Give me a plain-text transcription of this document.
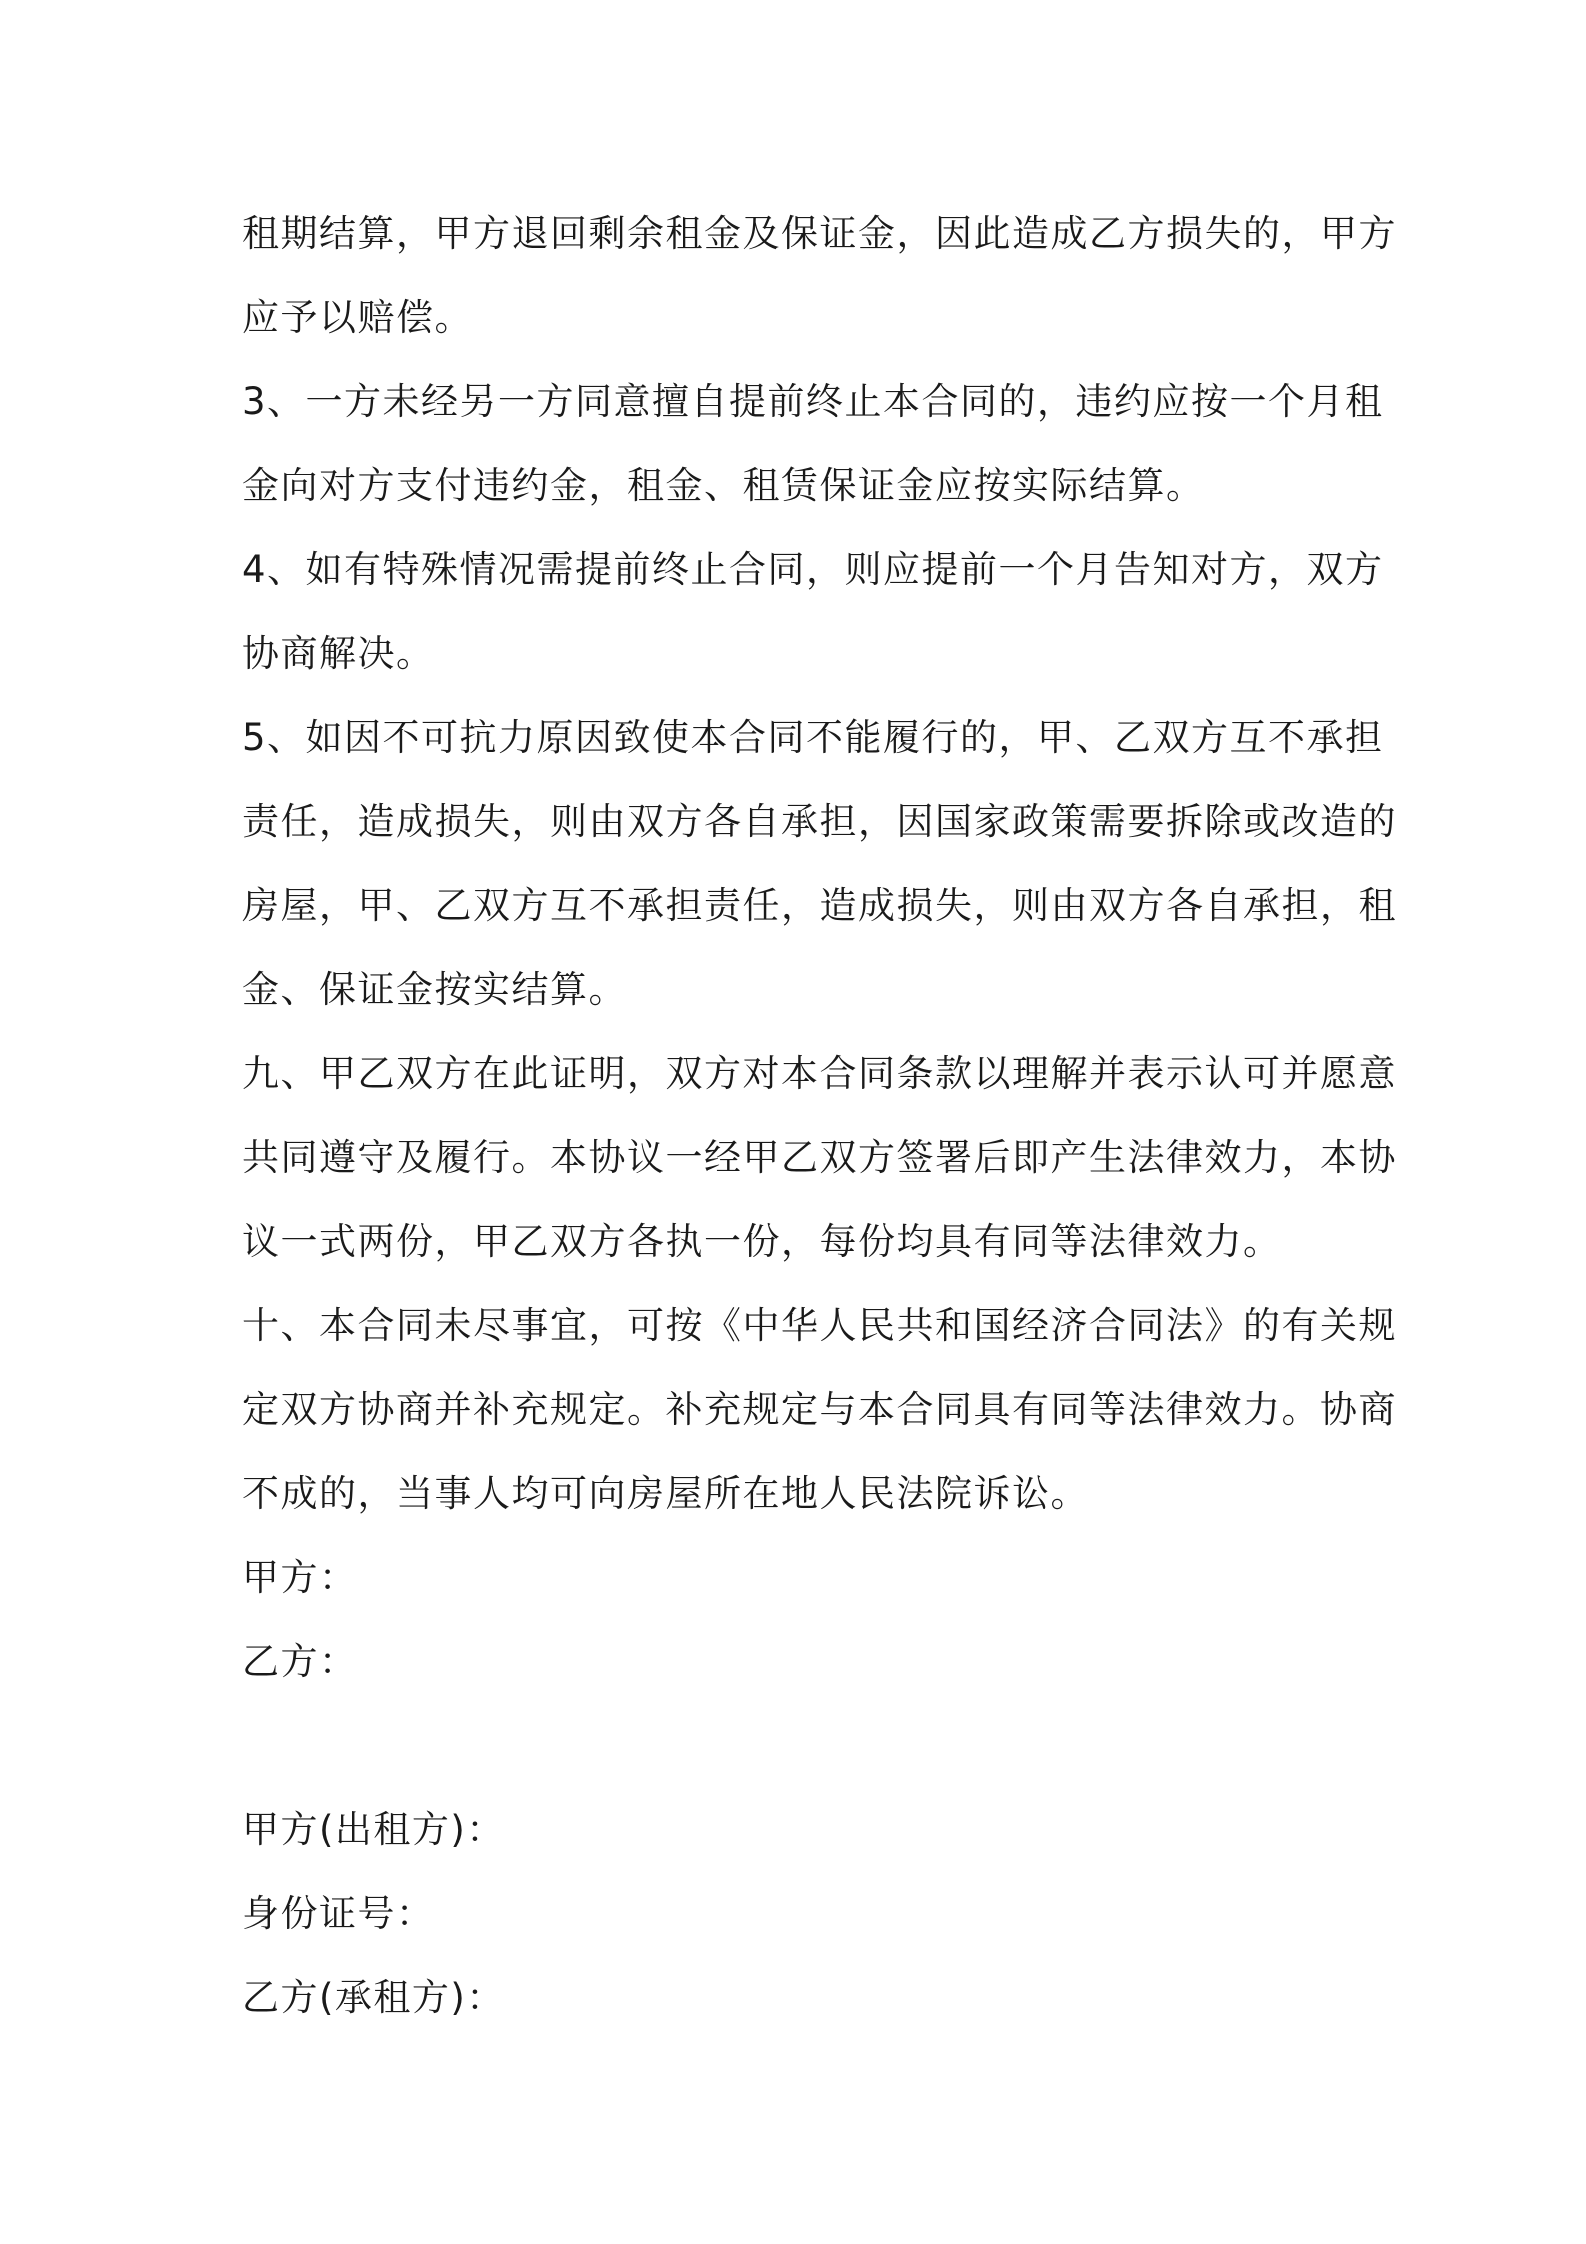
租期结算，甲方退回剩余租金及保证金，因此造成乙方损失的，甲方
应予以赔偿。
3、一方未经另一方同意擅自提前终止本合同的，违约应按一个月租
金向对方支付违约金，租金、租赁保证金应按实际结算。
4、如有特殊情况需提前终止合同，则应提前一个月告知对方，双方
协商解决。
5、如因不可抗力原因致使本合同不能履行的，甲、乙双方互不承担
责任，造成损失，则由双方各自承担，因国家政策需要拆除或改造的
房屋，甲、乙双方互不承担责任，造成损失，则由双方各自承担，租
金、保证金按实结算。
九、甲乙双方在此证明，双方对本合同条款以理解并表示认可并愿意
共同遵守及履行。本协议一经甲乙双方签署后即产生法律效力，本协
议一式两份，甲乙双方各执一份，每份均具有同等法律效力。
十、本合同未尽事宜，可按《中华人民共和国经济合同法》的有关规
定双方协商并补充规定。补充规定与本合同具有同等法律效力。协商
不成的，当事人均可向房屋所在地人民法院诉讼。
甲方：
乙方：
甲方(出租方)：
身份证号：
乙方(承租方)：
